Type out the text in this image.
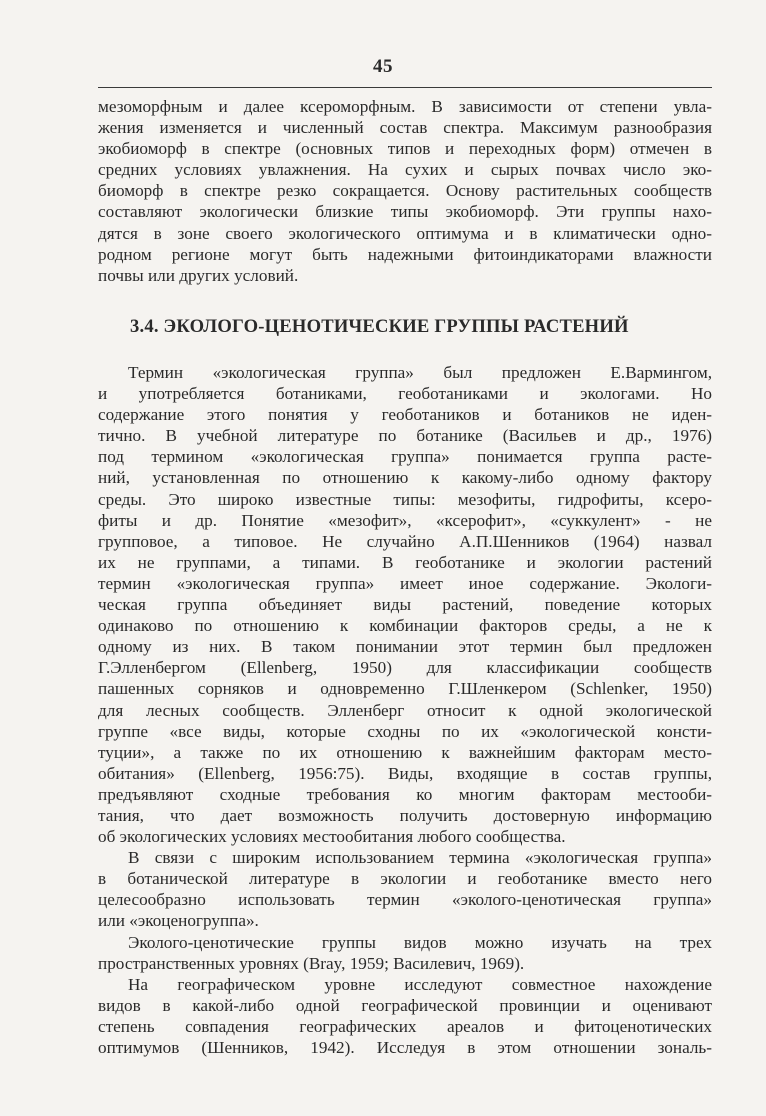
45
мезоморфным и далее ксероморфным. В зависимости от степени увла-
жения изменяется и численный состав спектра. Максимум разнообразия
экобиоморф в спектре (основных типов и переходных форм) отмечен в
средних условиях увлажнения. На сухих и сырых почвах число эко-
биоморф в спектре резко сокращается. Основу растительных сообществ
составляют экологически близкие типы экобиоморф. Эти группы нахо-
дятся в зоне своего экологического оптимума и в климатически одно-
родном регионе могут быть надежными фитоиндикаторами влажности
почвы или других условий.
3.4. ЭКОЛОГО-ЦЕНОТИЧЕСКИЕ ГРУППЫ РАСТЕНИЙ
Термин «экологическая группа» был предложен Е.Вармингом,
и употребляется ботаниками, геоботаниками и экологами. Но
содержание этого понятия у геоботаников и ботаников не иден-
тично. В учебной литературе по ботанике (Васильев и др., 1976)
под термином «экологическая группа» понимается группа расте-
ний, установленная по отношению к какому-либо одному фактору
среды. Это широко известные типы: мезофиты, гидрофиты, ксеро-
фиты и др. Понятие «мезофит», «ксерофит», «суккулент» - не
групповое, а типовое. Не случайно А.П.Шенников (1964) назвал
их не группами, а типами. В геоботанике и экологии растений
термин «экологическая группа» имеет иное содержание. Экологи-
ческая группа объединяет виды растений, поведение которых
одинаково по отношению к комбинации факторов среды, а не к
одному из них. В таком понимании этот термин был предложен
Г.Элленбергом (Ellenberg, 1950) для классификации сообществ
пашенных сорняков и одновременно Г.Шленкером (Schlenker, 1950)
для лесных сообществ. Элленберг относит к одной экологической
группе «все виды, которые сходны по их «экологической консти-
туции», а также по их отношению к важнейшим факторам место-
обитания» (Ellenberg, 1956:75). Виды, входящие в состав группы,
предъявляют сходные требования ко многим факторам местооби-
тания, что дает возможность получить достоверную информацию
об экологических условиях местообитания любого сообщества.
В связи с широким использованием термина «экологическая группа»
в ботанической литературе в экологии и геоботанике вместо него
целесообразно использовать термин «эколого-ценотическая группа»
или «экоценогруппа».
Эколого-ценотические группы видов можно изучать на трех
пространственных уровнях (Bray, 1959; Василевич, 1969).
На географическом уровне исследуют совместное нахождение
видов в какой-либо одной географической провинции и оценивают
степень совпадения географических ареалов и фитоценотических
оптимумов (Шенников, 1942). Исследуя в этом отношении зональ-
